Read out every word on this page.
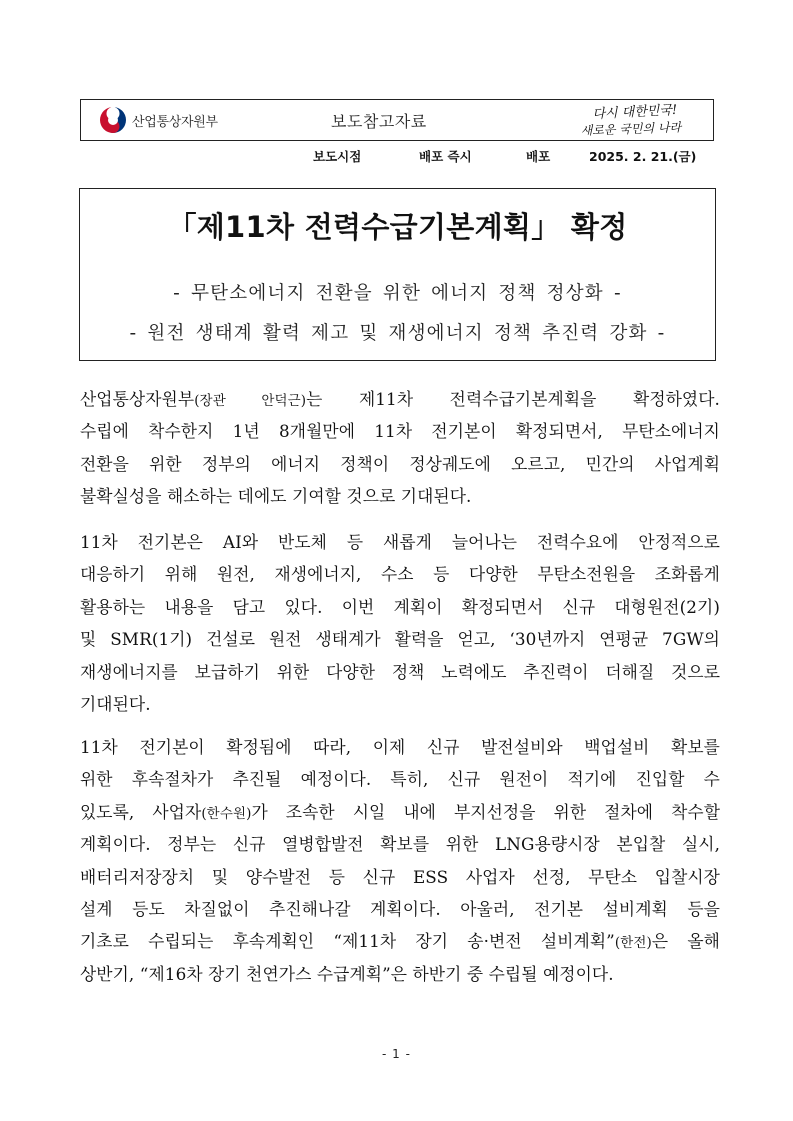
산업통상자원부	보도참고자료	다시 대한민국!
새로운 국민의 나라
보도시점	배포 즉시	배포	2025. 2. 21.(금)
「제11차 전력수급기본계획」 확정
- 무탄소에너지 전환을 위한 에너지 정책 정상화 -
- 원전 생태계 활력 제고 및 재생에너지 정책 추진력 강화 -
산업통상자원부(장관 안덕근)는 제11차 전력수급기본계획을 확정하였다.
수립에 착수한지 1년 8개월만에 11차 전기본이 확정되면서, 무탄소에너지
전환을 위한 정부의 에너지 정책이 정상궤도에 오르고, 민간의 사업계획
불확실성을 해소하는 데에도 기여할 것으로 기대된다.
11차 전기본은 AI와 반도체 등 새롭게 늘어나는 전력수요에 안정적으로
대응하기 위해 원전, 재생에너지, 수소 등 다양한 무탄소전원을 조화롭게
활용하는 내용을 담고 있다. 이번 계획이 확정되면서 신규 대형원전(2기)
및 SMR(1기) 건설로 원전 생태계가 활력을 얻고, ‘30년까지 연평균 7GW의
재생에너지를 보급하기 위한 다양한 정책 노력에도 추진력이 더해질 것으로
기대된다.
11차 전기본이 확정됨에 따라, 이제 신규 발전설비와 백업설비 확보를
위한 후속절차가 추진될 예정이다. 특히, 신규 원전이 적기에 진입할 수
있도록, 사업자(한수원)가 조속한 시일 내에 부지선정을 위한 절차에 착수할
계획이다. 정부는 신규 열병합발전 확보를 위한 LNG용량시장 본입찰 실시,
배터리저장장치 및 양수발전 등 신규 ESS 사업자 선정, 무탄소 입찰시장
설계 등도 차질없이 추진해나갈 계획이다. 아울러, 전기본 설비계획 등을
기초로 수립되는 후속계획인 “제11차 장기 송·변전 설비계획”(한전)은 올해
상반기, “제16차 장기 천연가스 수급계획”은 하반기 중 수립될 예정이다.
- 1 -
